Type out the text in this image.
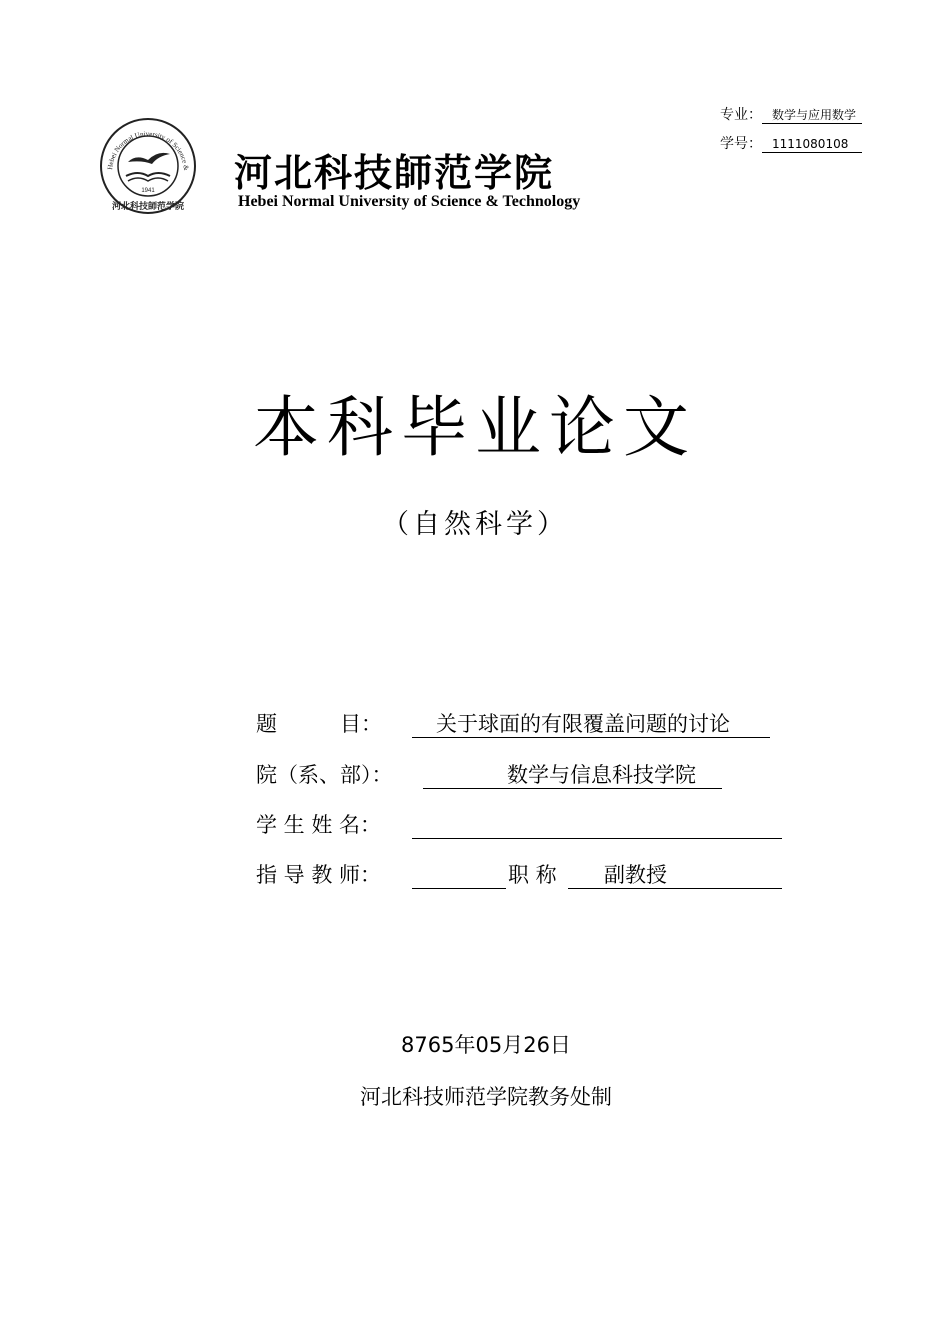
专业： 数学与应用数学
学号： 1111080108
Hebei Normal University of Science &
河北科技師范学院
1941 河北科技師范学院
Hebei Normal University of Science & Technology
本科毕业论文
（自然科学）
题　　　目：	关于球面的有限覆盖问题的讨论
院（系、部）：	数学与信息科技学院
学 生 姓 名：
指 导 教 师：	职 称 副教授
8765年05月26日
河北科技师范学院教务处制
